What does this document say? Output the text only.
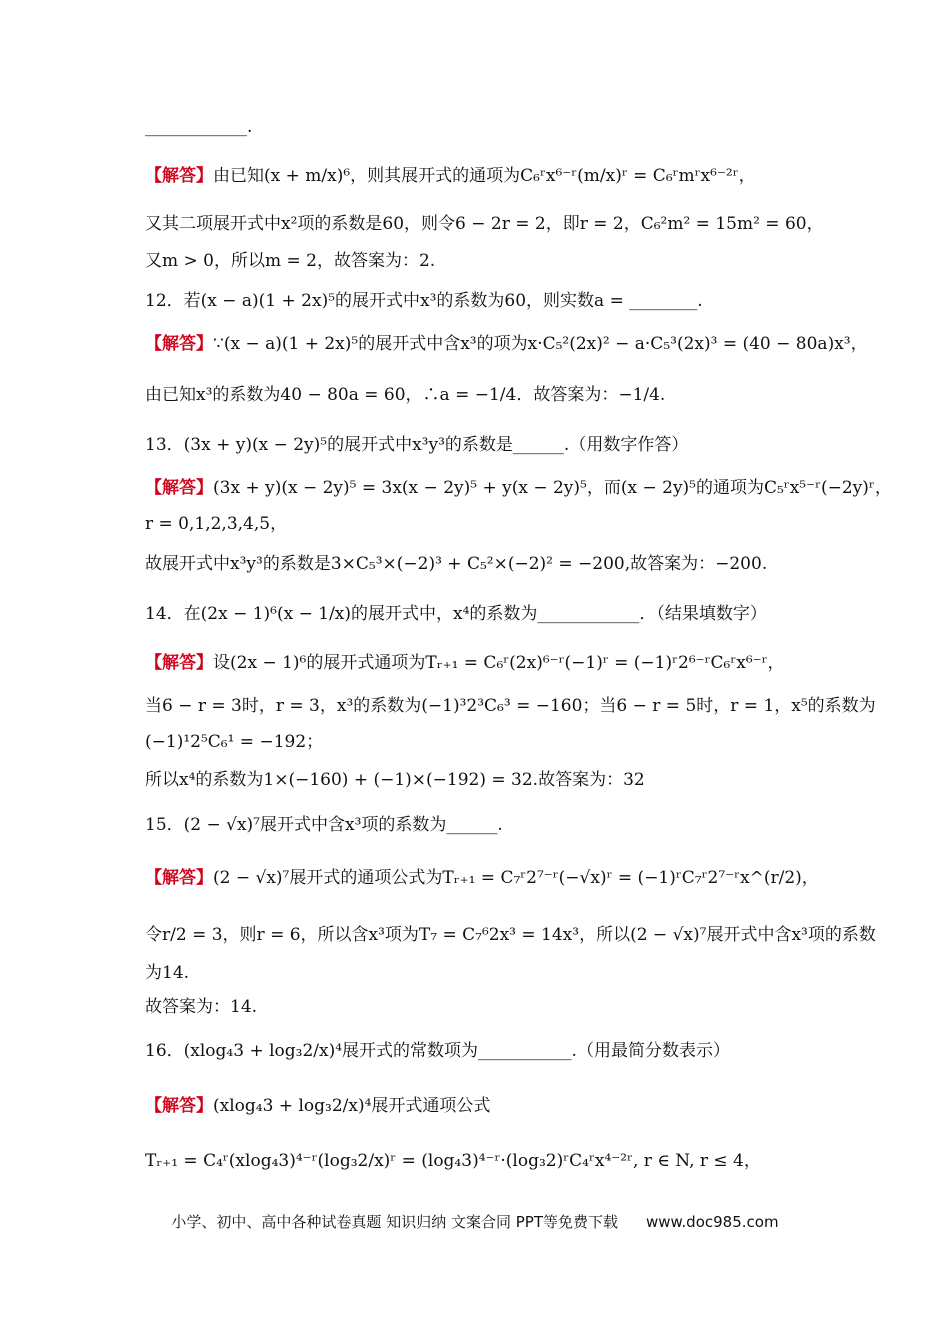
____________.
【解答】由已知(x + m/x)⁶，则其展开式的通项为C₆ʳx⁶⁻ʳ(m/x)ʳ = C₆ʳmʳx⁶⁻²ʳ，
又其二项展开式中x²项的系数是60，则令6 − 2r = 2，即r = 2，C₆²m² = 15m² = 60，
又m > 0，所以m = 2，故答案为：2.
12．若(x − a)(1 + 2x)⁵的展开式中x³的系数为60，则实数a = ________.
【解答】∵(x − a)(1 + 2x)⁵的展开式中含x³的项为x·C₅²(2x)² − a·C₅³(2x)³ = (40 − 80a)x³，
由已知x³的系数为40 − 80a = 60，∴a = −1/4．故答案为：−1/4.
13．(3x + y)(x − 2y)⁵的展开式中x³y³的系数是______.（用数字作答）
【解答】(3x + y)(x − 2y)⁵ = 3x(x − 2y)⁵ + y(x − 2y)⁵，而(x − 2y)⁵的通项为C₅ʳx⁵⁻ʳ(−2y)ʳ，
r = 0,1,2,3,4,5，
故展开式中x³y³的系数是3×C₅³×(−2)³ + C₅²×(−2)² = −200,故答案为：−200.
14．在(2x − 1)⁶(x − 1/x)的展开式中，x⁴的系数为____________．（结果填数字）
【解答】设(2x − 1)⁶的展开式通项为Tᵣ₊₁ = C₆ʳ(2x)⁶⁻ʳ(−1)ʳ = (−1)ʳ2⁶⁻ʳC₆ʳx⁶⁻ʳ，
当6 − r = 3时，r = 3，x³的系数为(−1)³2³C₆³ = −160；当6 − r = 5时，r = 1，x⁵的系数为
(−1)¹2⁵C₆¹ = −192；
所以x⁴的系数为1×(−160) + (−1)×(−192) = 32.故答案为：32
15．(2 − √x)⁷展开式中含x³项的系数为______.
【解答】(2 − √x)⁷展开式的通项公式为Tᵣ₊₁ = C₇ʳ2⁷⁻ʳ(−√x)ʳ = (−1)ʳC₇ʳ2⁷⁻ʳx^(r/2)，
令r/2 = 3，则r = 6，所以含x³项为T₇ = C₇⁶2x³ = 14x³，所以(2 − √x)⁷展开式中含x³项的系数
为14.
故答案为：14.
16．(xlog₄3 + log₃2/x)⁴展开式的常数项为___________.（用最简分数表示）
【解答】(xlog₄3 + log₃2/x)⁴展开式通项公式
Tᵣ₊₁ = C₄ʳ(xlog₄3)⁴⁻ʳ(log₃2/x)ʳ = (log₄3)⁴⁻ʳ·(log₃2)ʳC₄ʳx⁴⁻²ʳ, r ∈ N, r ≤ 4，
小学、初中、高中各种试卷真题 知识归纳 文案合同 PPT等免费下载 www.doc985.com
